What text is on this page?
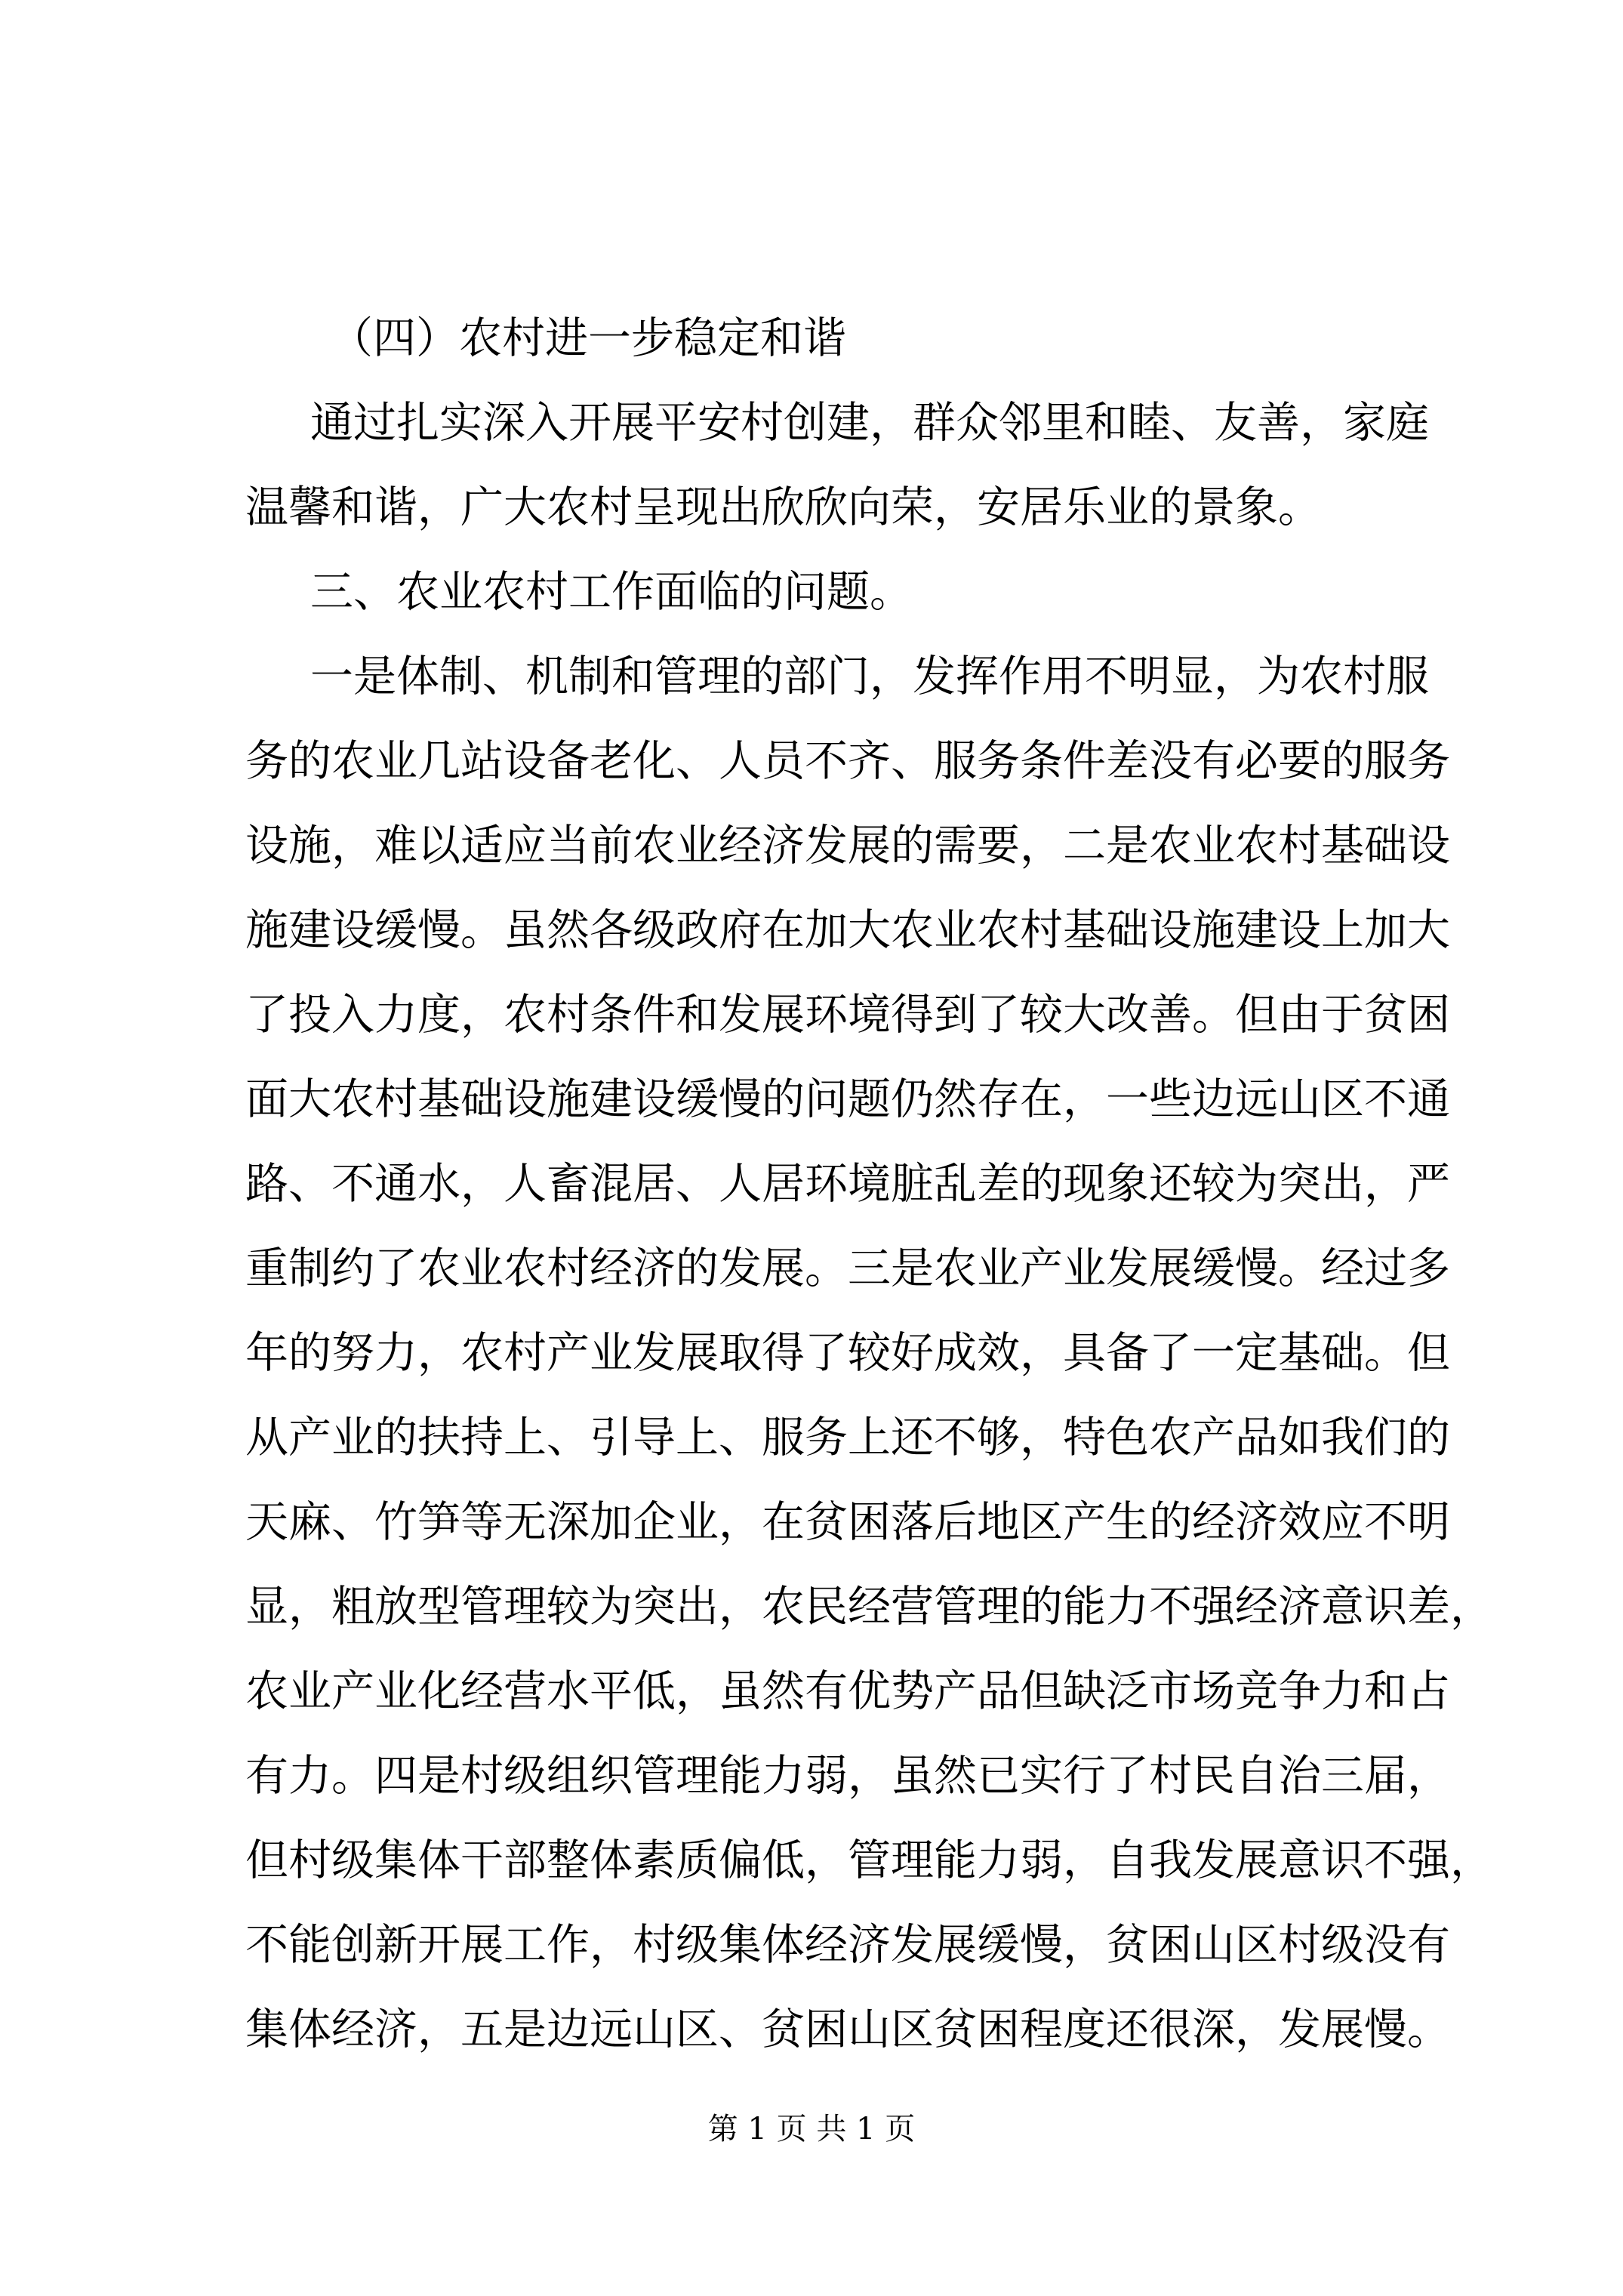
（四）农村进一步稳定和谐

通过扎实深入开展平安村创建，群众邻里和睦、友善，家庭
温馨和谐，广大农村呈现出欣欣向荣，安居乐业的景象。

三、农业农村工作面临的问题。

一是体制、机制和管理的部门，发挥作用不明显，为农村服
务的农业几站设备老化、人员不齐、服务条件差没有必要的服务
设施，难以适应当前农业经济发展的需要，二是农业农村基础设
施建设缓慢。虽然各级政府在加大农业农村基础设施建设上加大
了投入力度，农村条件和发展环境得到了较大改善。但由于贫困
面大农村基础设施建设缓慢的问题仍然存在，一些边远山区不通
路、不通水，人畜混居、人居环境脏乱差的现象还较为突出，严
重制约了农业农村经济的发展。三是农业产业发展缓慢。经过多
年的努力，农村产业发展取得了较好成效，具备了一定基础。但
从产业的扶持上、引导上、服务上还不够，特色农产品如我们的
天麻、竹笋等无深加企业，在贫困落后地区产生的经济效应不明
显，粗放型管理较为突出，农民经营管理的能力不强经济意识差，
农业产业化经营水平低，虽然有优势产品但缺泛市场竞争力和占
有力。四是村级组织管理能力弱，虽然已实行了村民自治三届，
但村级集体干部整体素质偏低，管理能力弱，自我发展意识不强，
不能创新开展工作，村级集体经济发展缓慢，贫困山区村级没有
集体经济，五是边远山区、贫困山区贫困程度还很深，发展慢。
第 1 页 共 1 页
